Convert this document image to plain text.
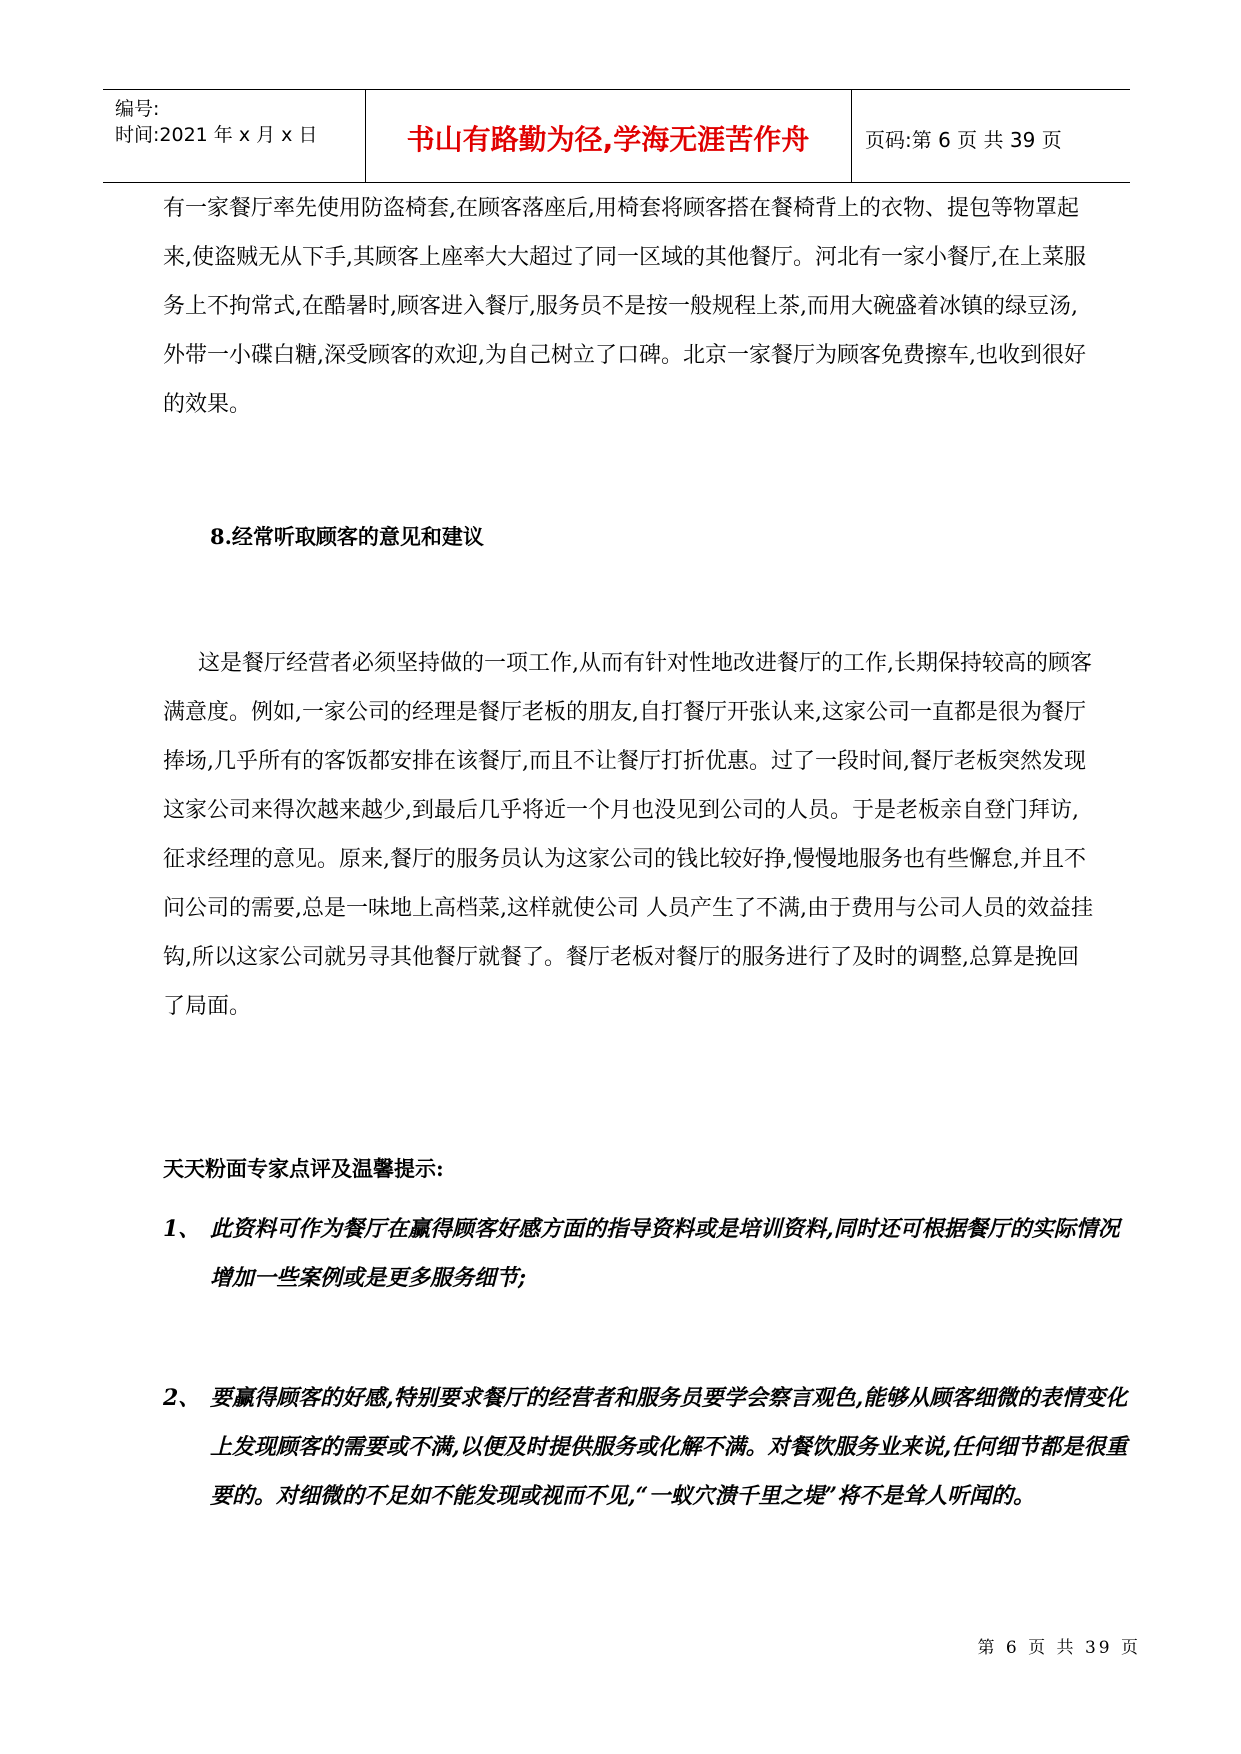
编号:
时间:2021 年 x 月 x 日	书山有路勤为径,学海无涯苦作舟	页码:第 6 页 共 39 页
有一家餐厅率先使用防盗椅套,在顾客落座后,用椅套将顾客搭在餐椅背上的衣物、提包等物罩起来,使盗贼无从下手,其顾客上座率大大超过了同一区域的其他餐厅。河北有一家小餐厅,在上菜服务上不拘常式,在酷暑时,顾客进入餐厅,服务员不是按一般规程上茶,而用大碗盛着冰镇的绿豆汤,外带一小碟白糖,深受顾客的欢迎,为自己树立了口碑。北京一家餐厅为顾客免费擦车,也收到很好的效果。
8.经常听取顾客的意见和建议
这是餐厅经营者必须坚持做的一项工作,从而有针对性地改进餐厅的工作,长期保持较高的顾客满意度。例如,一家公司的经理是餐厅老板的朋友,自打餐厅开张认来,这家公司一直都是很为餐厅捧场,几乎所有的客饭都安排在该餐厅,而且不让餐厅打折优惠。过了一段时间,餐厅老板突然发现这家公司来得次越来越少,到最后几乎将近一个月也没见到公司的人员。于是老板亲自登门拜访,征求经理的意见。原来,餐厅的服务员认为这家公司的钱比较好挣,慢慢地服务也有些懈怠,并且不问公司的需要,总是一味地上高档菜,这样就使公司 人员产生了不满,由于费用与公司人员的效益挂钩,所以这家公司就另寻其他餐厅就餐了。餐厅老板对餐厅的服务进行了及时的调整,总算是挽回了局面。
天天粉面专家点评及温馨提示:
1、 此资料可作为餐厅在赢得顾客好感方面的指导资料或是培训资料,同时还可根据餐厅的实际情况增加一些案例或是更多服务细节;
2、 要赢得顾客的好感,特别要求餐厅的经营者和服务员要学会察言观色,能够从顾客细微的表情变化上发现顾客的需要或不满,以便及时提供服务或化解不满。对餐饮服务业来说,任何细节都是很重要的。对细微的不足如不能发现或视而不见,“一蚁穴溃千里之堤”将不是耸人听闻的。
第 6 页 共 39 页
